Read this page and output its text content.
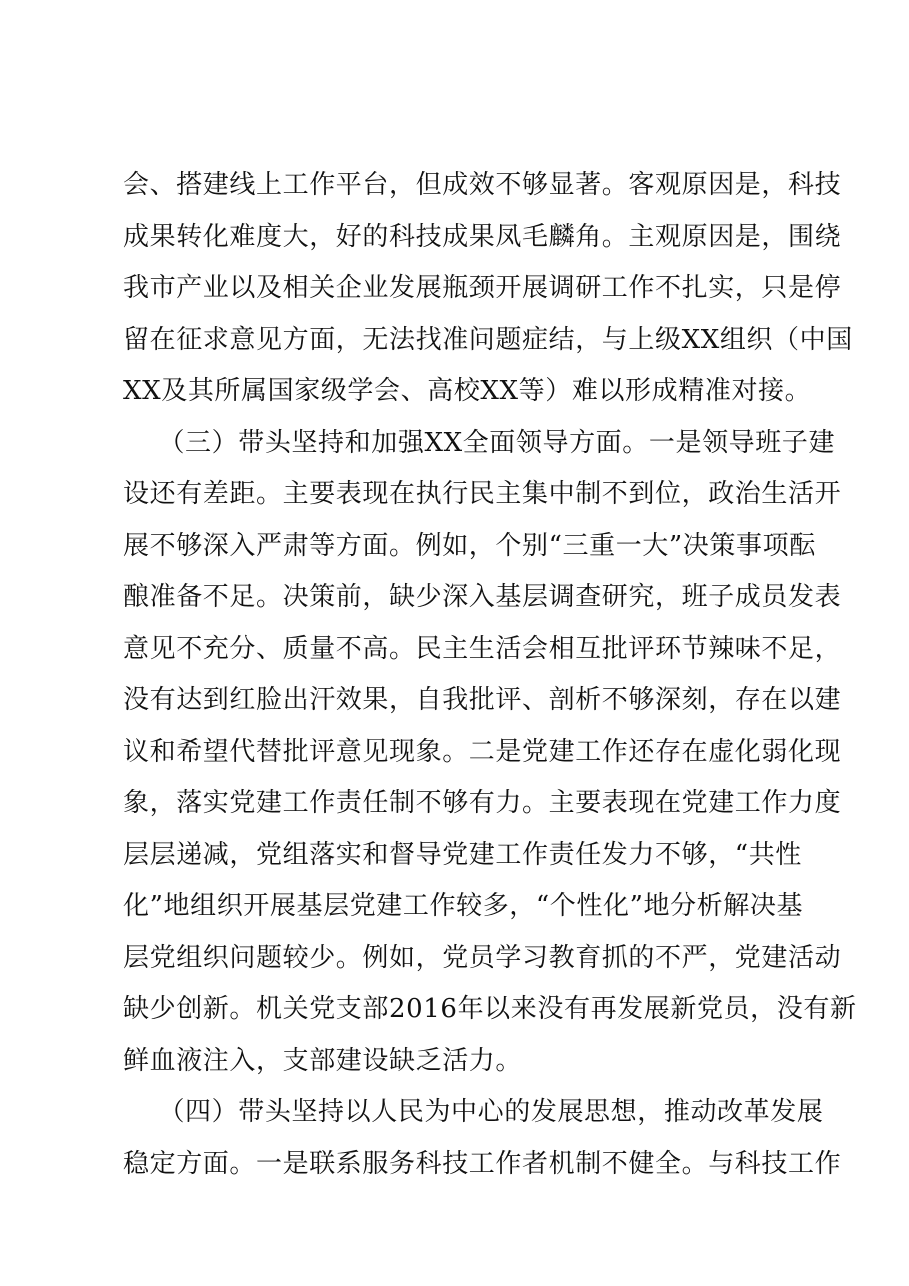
会、搭建线上工作平台，但成效不够显著。客观原因是，科技
成果转化难度大，好的科技成果凤毛麟角。主观原因是，围绕
我市产业以及相关企业发展瓶颈开展调研工作不扎实，只是停
留在征求意见方面，无法找准问题症结，与上级XX组织（中国
XX及其所属国家级学会、高校XX等）难以形成精准对接。
（三）带头坚持和加强XX全面领导方面。一是领导班子建
设还有差距。主要表现在执行民主集中制不到位，政治生活开
展不够深入严肃等方面。例如，个别“三重一大”决策事项酝
酿准备不足。决策前，缺少深入基层调查研究，班子成员发表
意见不充分、质量不高。民主生活会相互批评环节辣味不足，
没有达到红脸出汗效果，自我批评、剖析不够深刻，存在以建
议和希望代替批评意见现象。二是党建工作还存在虚化弱化现
象，落实党建工作责任制不够有力。主要表现在党建工作力度
层层递减，党组落实和督导党建工作责任发力不够，“共性
化”地组织开展基层党建工作较多，“个性化”地分析解决基
层党组织问题较少。例如，党员学习教育抓的不严，党建活动
缺少创新。机关党支部2016年以来没有再发展新党员，没有新
鲜血液注入，支部建设缺乏活力。
（四）带头坚持以人民为中心的发展思想，推动改革发展
稳定方面。一是联系服务科技工作者机制不健全。与科技工作
